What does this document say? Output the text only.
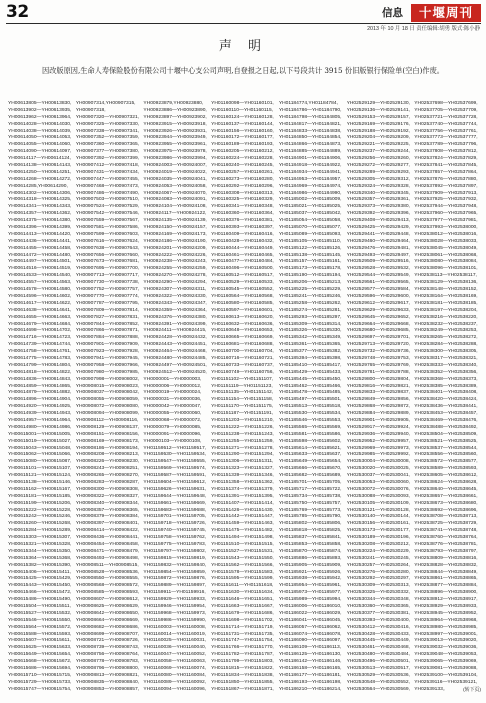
32	信息 十堰周刊
2013 年 10 月 18 日 责任编辑:胡勇 版式:陈小静
声 明
因改版原因,生命人寿保险股份有限公司十堰中心支公司声明,自登报之日起,以下号段共计 3915 份旧版银行保险单(空白)作废。
YH00613805—YH00613830,
YH00613902—YH00613935,
YH00613962—YH00613964,
YH00614028—YH00614030,
YH00614038—YH00614039,
YH00614050—YH00614053,
YH00614055—YH00614060,
YH00614090—YH00614097,
YH00614117—YH00614124,
YH00614138—YH00614143,
YH00614250—YH00614251,
YH00614268—YH00614272,
YH00614285,YH00614290,
YH00614302—YH00614306,
YH00614318—YH00614325,
YH00614341—YH00614343,
YH00614357—YH00614362,
YH00614375—YH00614380,
YH00614396—YH00614399,
YH00614413—YH00614420,
YH00614436—YH00614441,
YH00614455—YH00614458,
YH00614472—YH00614480,
YH00614497—YH00614501,
YH00614516—YH00614519,
YH00614533—YH00614540,
YH00614557—YH00614563,
YH00614578—YH00614580,
YH00614596—YH00614602,
YH00614617—YH00614622,
YH00614638—YH00614641,
YH00614655—YH00614663,
YH00614679—YH00614684,
YH00614698—YH00614702,
YH00614716—YH00614723,
YH00614739—YH00614744,
YH00614758—YH00614761,
YH00614775—YH00614783,
YH00614799—YH00614804,
YH00614818—YH00614822,
YH00614836—YH00614843,
YH00614859—YH00614865,
YH00614879—YH00614882,
YH00614896—YH00614904,
YH00614920—YH00614925,
YH00614939—YH00614943,
YH00614957—YH00614964,
YH00614980—YH00614986,
YH00615001—YH00615005,
YH00615019—YH00615027,
YH00615043—YH00615048,
YH00615062—YH00615066,
YH00615080—YH00615087,
YH00615101—YH00615107,
YH00615121—YH00615124,
YH00615138—YH00615146,
YH00615162—YH00615167,
YH00615181—YH00615185,
YH00615199—YH00615206,
YH00615222—YH00615228,
YH00615242—YH00615246,
YH00615260—YH00615268,
YH00615284—YH00615289,
YH00615303—YH00615307,
YH00615321—YH00615328,
YH00615344—YH00615350,
YH00615364—YH00615368,
YH00615382—YH00615390,
YH00615406—YH00615411,
YH00615425—YH00615429,
YH00615443—YH00615450,
YH00615466—YH00615472,
YH00615486—YH00615490,
YH00615504—YH00615511,
YH00615527—YH00615532,
YH00615546—YH00615550,
YH00615564—YH00615572,
YH00615588—YH00615593,
YH00615607—YH00615611,
YH00615625—YH00615633,
YH00615649—YH00615654,
YH00615668—YH00615672,
YH00615686—YH00615694,
YH00615710—YH00615715,
YH00615729—YH00615733,
YH00615747—YH00615754,
YH00907314,YH00907315,
YH00907318,
YH00907320—YH00907321,
YH00907325—YH00907330,
YH00907338—YH00907341,
YH00907352—YH00907359,
YH00907360—YH00907365,
YH00907377—YH00907380,
YH00907392—YH00907399,
YH00907412—YH00907418,
YH00907431—YH00907434,
YH00907447—YH00907455,
YH00907468—YH00907473,
YH00907486—YH00907490,
YH00907503—YH00907510,
YH00907524—YH00907529,
YH00907542—YH00907546,
YH00907559—YH00907567,
YH00907581—YH00907586,
YH00907599—YH00907603,
YH00907616—YH00907624,
YH00907638—YH00907643,
YH00907656—YH00907660,
YH00907673—YH00907681,
YH00907695—YH00907700,
YH00907713—YH00907717,
YH00907730—YH00907738,
YH00907752—YH00907757,
YH00907770—YH00907774,
YH00907787—YH00907795,
YH00907809—YH00907814,
YH00907827—YH00907831,
YH00907844—YH00907852,
YH00907866—YH00907871,
YH00907884—YH00907888,
YH00907901—YH00907909,
YH00907923—YH00907928,
YH00907941—YH00907945,
YH00907958—YH00907966,
YH00907980—YH00907985,
YH00907998—YH00908002,
YH00908015—YH00908023,
YH00908037—YH00908042,
YH00908055—YH00908059,
YH00908072—YH00908080,
YH00908094—YH00908099,
YH00908112—YH00908116,
YH00908129—YH00908137,
YH00908151—YH00908156,
YH00908169—YH00908173,
YH00908186—YH00908194,
YH00908208—YH00908213,
YH00908226—YH00908230,
YH00908243—YH00908251,
YH00908265—YH00908270,
YH00908283—YH00908287,
YH00908300—YH00908308,
YH00908322—YH00908327,
YH00908340—YH00908344,
YH00908357—YH00908365,
YH00908379—YH00908384,
YH00908397—YH00908401,
YH00908414—YH00908422,
YH00908436—YH00908441,
YH00908454—YH00908458,
YH00908471—YH00908479,
YH00908493—YH00908498,
YH00908511—YH00908515,
YH00908528—YH00908536,
YH00908550—YH00908555,
YH00908568—YH00908572,
YH00908585—YH00908593,
YH00908607—YH00908612,
YH00908625—YH00908629,
YH00908642—YH00908650,
YH00908664—YH00908669,
YH00908682—YH00908686,
YH00908699—YH00908707,
YH00908721—YH00908726,
YH00908739—YH00908743,
YH00908756—YH00908764,
YH00908778—YH00908783,
YH00908796—YH00908800,
YH00908813—YH00908821,
YH00908835—YH00908840,
YH00908853—YH00908857,
YH00923879,YH00923880,
YH00923886—YH00923890,
YH00923897—YH00923902,
YH00923915—YH00923918,
YH00923926—YH00923931,
YH00923944—YH00923949,
YH00923955—YH00923961,
YH00923975—YH00923978,
YH00923986—YH00923994,
YH00924003—YH00924007,
YH00924019—YH00924022,
YH00924035—YH00924041,
YH00924053—YH00924058,
YH00924067—YH00924070,
YH00924083—YH00924091,
YH00924104—YH00924108,
YH00924117—YH00924122,
YH00924135—YH00924139,
YH00924150—YH00924157,
YH00924169—YH00924173,
YH00924186—YH00924190,
YH00924201—YH00924209,
YH00924222—YH00924226,
YH00924238—YH00924243,
YH00924255—YH00924259,
YH00924270—YH00924278,
YH00924290—YH00924294,
YH00924307—YH00924311,
YH00924322—YH00924330,
YH00924343—YH00924347,
YH00924359—YH00924364,
YH00924376—YH00924380,
YH00924391—YH00924399,
YH00924411—YH00924415,
YH00924428—YH00924432,
YH00924443—YH00924451,
YH00924464—YH00924468,
YH00924480—YH00924485,
YH00924497—YH00924501,
YH00924512—YH00924520,
YH0000001—YH0000003,
YH0000006—YH0000012,
YH0000019—YH0000024,
YH0000031—YH0000036,
YH0000042—YH0000047,
YH0000055—YH0000060,
YH0000068—YH0000072,
YH0000079—YH0000085,
YH0000091—YH0000096,
YH0000103—YH0000108,
YH01159512—YH01159517,
YH01159530—YH01159534,
YH01159547—YH01159555,
YH01159569—YH01159574,
YH01159587—YH01159591,
YH01159604—YH01159612,
YH01159626—YH01159631,
YH01159644—YH01159648,
YH01159661—YH01159669,
YH01159683—YH01159688,
YH01159701—YH01159705,
YH01159718—YH01159726,
YH01159740—YH01159745,
YH01159758—YH01159762,
YH01159775—YH01159783,
YH01159797—YH01159802,
YH01159815—YH01159819,
YH01159832—YH01159840,
YH01159854—YH01159859,
YH01159872—YH01159876,
YH01159889—YH01159897,
YH01159911—YH01159916,
YH01159929—YH01159933,
YH01159946—YH01159954,
YH01159968—YH01159973,
YH01159986—YH01159990,
YH01160003—YH01160008,
YH01160014—YH01160019,
YH01160025—YH01160031,
YH01160036—YH01160040,
YH01160047—YH01160052,
YH01160058—YH01160063,
YH01160069—YH01160074,
YH01160080—YH01160084,
YH01160089—YH01160092,
YH01160094—YH01160096,
YH01160098—YH01160101,
YH01160110—YH01160115,
YH01160124—YH01160128,
YH01160137—YH01160144,
YH01160156—YH01160160,
YH01160172—YH01160177,
YH01160189—YH01160193,
YH01160205—YH01160212,
YH01160224—YH01160228,
YH01160240—YH01160245,
YH01160257—YH01160261,
YH01160273—YH01160280,
YH01160292—YH01160296,
YH01160308—YH01160313,
YH01160325—YH01160329,
YH01160341—YH01160348,
YH01160360—YH01160364,
YH01160376—YH01160381,
YH01160393—YH01160397,
YH01160409—YH01160416,
YH01160428—YH01160432,
YH01160444—YH01160449,
YH01160461—YH01160465,
YH01160477—YH01160484,
YH01160496—YH01160500,
YH01160512—YH01160517,
YH01160529—YH01160533,
YH01160545—YH01160552,
YH01160564—YH01160568,
YH01160580—YH01160585,
YH01160597—YH01160601,
YH01160613—YH01160620,
YH01160632—YH01160636,
YH01160648—YH01160653,
YH01160665—YH01160669,
YH01160681—YH01160688,
YH01160700—YH01160704,
YH01160716—YH01160721,
YH01160733—YH01160737,
YH01160749—YH01160756,
YH01151102—YH01151107,
YH01151119—YH01151123,
YH01151135—YH01151142,
YH01151154—YH01151158,
YH01151170—YH01151175,
YH01151187—YH01151191,
YH01151203—YH01151210,
YH01151222—YH01151226,
YH01151238—YH01151243,
YH01151255—YH01151259,
YH01151271—YH01151278,
YH01151290—YH01151294,
YH01151306—YH01151311,
YH01151323—YH01151327,
YH01151339—YH01151346,
YH01151358—YH01151362,
YH01151374—YH01151379,
YH01151391—YH01151395,
YH01151407—YH01151414,
YH01151426—YH01151430,
YH01151442—YH01151447,
YH01151459—YH01151463,
YH01151475—YH01151482,
YH01151494—YH01151498,
YH01151510—YH01151515,
YH01151527—YH01151531,
YH01151543—YH01151550,
YH01151562—YH01151566,
YH01151578—YH01151583,
YH01151595—YH01151599,
YH01151611—YH01151618,
YH01151630—YH01151634,
YH01151646—YH01151651,
YH01151663—YH01151667,
YH01151679—YH01151686,
YH01151698—YH01151702,
YH01151714—YH01151719,
YH01151731—YH01151735,
YH01151747—YH01151754,
YH01151766—YH01151770,
YH01151782—YH01151787,
YH01151799—YH01151803,
YH01151815—YH01151822,
YH01151834—YH01151838,
YH01151850—YH01151855,
YH01151867—YH01151871,
YH01184774,YH01184784,
YH01184786—YH01184790,
YH01184798—YH01184805,
YH01184817—YH01184821,
YH01184833—YH01184838,
YH01184850—YH01184854,
YH01184866—YH01184873,
YH01184885—YH01184889,
YH01184901—YH01184906,
YH01184918—YH01184922,
YH01184934—YH01184941,
YH01184953—YH01184957,
YH01184969—YH01184974,
YH01184986—YH01184990,
YH01185002—YH01185009,
YH01185021—YH01185025,
YH01185037—YH01185042,
YH01185054—YH01185058,
YH01185070—YH01185077,
YH01185089—YH01185093,
YH01185105—YH01185110,
YH01185122—YH01185126,
YH01185138—YH01185145,
YH01185157—YH01185161,
YH01185173—YH01185178,
YH01185190—YH01185194,
YH01185206—YH01185213,
YH01185225—YH01185229,
YH01185241—YH01185246,
YH01185258—YH01185262,
YH01185274—YH01185281,
YH01185293—YH01185297,
YH01185309—YH01185314,
YH01185326—YH01185330,
YH01185342—YH01185349,
YH01185361—YH01185365,
YH01185377—YH01185382,
YH01185394—YH01185398,
YH01185410—YH01185417,
YH01185429—YH01185433,
YH01185445—YH01185450,
YH01185462—YH01185466,
YH01185478—YH01185485,
YH01185497—YH01185501,
YH01185513—YH01185518,
YH01185530—YH01185534,
YH01185546—YH01185553,
YH01185565—YH01185569,
YH01185581—YH01185586,
YH01185598—YH01185602,
YH01185614—YH01185621,
YH01185633—YH01185637,
YH01185649—YH01185654,
YH01185666—YH01185670,
YH01185682—YH01185689,
YH01185701—YH01185705,
YH01185717—YH01185722,
YH01185734—YH01185738,
YH01185750—YH01185757,
YH01185769—YH01185773,
YH01185785—YH01185790,
YH01185802—YH01185806,
YH01185818—YH01185825,
YH01185837—YH01185841,
YH01185853—YH01185858,
YH01185870—YH01185874,
YH01185886—YH01185893,
YH01185905—YH01185909,
YH01185921—YH01185926,
YH01185938—YH01185942,
YH01185954—YH01185961,
YH01185973—YH01185977,
YH01185989—YH01185994,
YH01186006—YH01186010,
YH01186022—YH01186029,
YH01186041—YH01186045,
YH01186057—YH01186062,
YH01186074—YH01186078,
YH01186090—YH01186097,
YH01186109—YH01186113,
YH01186125—YH01186130,
YH01186142—YH01186146,
YH01186158—YH01186165,
YH01186177—YH01186181,
YH01186193—YH01186198,
YH01186210—YH01186214,
YH02529129—YH02529130,
YH02529136—YH02529141,
YH02529153—YH02529157,
YH02529169—YH02529176,
YH02529188—YH02529192,
YH02529204—YH02529209,
YH02529221—YH02529225,
YH02529237—YH02529244,
YH02529256—YH02529260,
YH02529272—YH02529277,
YH02529289—YH02529293,
YH02529305—YH02529312,
YH02529324—YH02529328,
YH02529340—YH02529345,
YH02529357—YH02529361,
YH02529373—YH02529380,
YH02529392—YH02529396,
YH02529408—YH02529413,
YH02529425—YH02529429,
YH02529441—YH02529448,
YH02529460—YH02529464,
YH02529476—YH02529481,
YH02529493—YH02529497,
YH02529509—YH02529516,
YH02529528—YH02529532,
YH02529544—YH02529549,
YH02529561—YH02529565,
YH02529577—YH02529584,
YH02529596—YH02529600,
YH02529612—YH02529617,
YH02529629—YH02529633,
YH02529645—YH02529652,
YH02529664—YH02529668,
YH02529680—YH02529685,
YH02529697—YH02529701,
YH02529713—YH02529720,
YH02529732—YH02529736,
YH02529748—YH02529753,
YH02529765—YH02529769,
YH02529781—YH02529788,
YH02529800—YH02529804,
YH02529816—YH02529821,
YH02529833—YH02529837,
YH02529849—YH02529856,
YH02529868—YH02529872,
YH02529884—YH02529889,
YH02529901—YH02529905,
YH02529917—YH02529924,
YH02529936—YH02529940,
YH02529952—YH02529957,
YH02529969—YH02529973,
YH02529985—YH02529992,
YH02530004—YH02530008,
YH02530020—YH02530025,
YH02530037—YH02530041,
YH02530053—YH02530060,
YH02530072—YH02530076,
YH02530088—YH02530093,
YH02530105—YH02530109,
YH02530121—YH02530128,
YH02530140—YH02530144,
YH02530156—YH02530161,
YH02530173—YH02530177,
YH02530189—YH02530196,
YH02530208—YH02530212,
YH02530224—YH02530229,
YH02530241—YH02530245,
YH02530257—YH02530264,
YH02530276—YH02530280,
YH02530292—YH02530297,
YH02530309—YH02530313,
YH02530325—YH02530332,
YH02530344—YH02530348,
YH02530360—YH02530365,
YH02530377—YH02530381,
YH02530393—YH02530400,
YH02530412—YH02530416,
YH02530428—YH02530433,
YH02530445—YH02530449,
YH02530461—YH02530468,
YH02530480—YH02530484,
YH02530496—YH02530501,
YH02530513—YH02530517,
YH02530529—YH02530536,
YH02530548—YH02530552,
YH02530564—YH02530569,
YH02537698—YH02537699,
YH02537705—YH02537709,
YH02537721—YH02537728,
YH02537740—YH02537744,
YH02537756—YH02537761,
YH02537773—YH02537777,
YH02537789—YH02537796,
YH02537808—YH02537812,
YH02537824—YH02537829,
YH02537841—YH02537845,
YH02537857—YH02537864,
YH02537876—YH02537880,
YH02537892—YH02537897,
YH02537909—YH02537913,
YH02537925—YH02537932,
YH02537944—YH02537948,
YH02537960—YH02537965,
YH02537977—YH02537981,
YH02537993—YH02538000,
YH02538012—YH02538016,
YH02538028—YH02538033,
YH02538045—YH02538049,
YH02538061—YH02538068,
YH02538080—YH02538084,
YH02538096—YH02538101,
YH02538113—YH02538117,
YH02538129—YH02538136,
YH02538148—YH02538152,
YH02538164—YH02538169,
YH02538181—YH02538185,
YH02538197—YH02538204,
YH02538216—YH02538220,
YH02538232—YH02538237,
YH02538249—YH02538253,
YH02538265—YH02538272,
YH02538284—YH02538288,
YH02538300—YH02538305,
YH02538317—YH02538321,
YH02538333—YH02538340,
YH02538352—YH02538356,
YH02538368—YH02538373,
YH02538385—YH02538389,
YH02538401—YH02538408,
YH02538420—YH02538424,
YH02538436—YH02538441,
YH02538453—YH02538457,
YH02538469—YH02538476,
YH02538488—YH02538492,
YH02538504—YH02538509,
YH02538521—YH02538525,
YH02538537—YH02538544,
YH02538556—YH02538560,
YH02538572—YH02538577,
YH02538589—YH02538593,
YH02538605—YH02538612,
YH02538624—YH02538628,
YH02538640—YH02538645,
YH02538657—YH02538661,
YH02538673—YH02538680,
YH02538692—YH02538696,
YH02538708—YH02538713,
YH02538725—YH02538729,
YH02538741—YH02538748,
YH02538760—YH02538764,
YH02538776—YH02538781,
YH02538793—YH02538797,
YH02538809—YH02538816,
YH02538828—YH02538832,
YH02538844—YH02538849,
YH02538861—YH02538865,
YH02538877—YH02538884,
YH02538896—YH02538900,
YH02538912—YH02538917,
YH02538929—YH02538933,
YH02538945—YH02538952,
YH02538964—YH02538968,
YH02538980—YH02538985,
YH02538997—YH02539001,
YH02539013—YH02539020,
YH02539032—YH02539036,
YH02539048—YH02539053,
YH02539065—YH02539069,
YH02539081—YH02539088,
YH02539100—YH02539104,
YH02539116—YH02539121,
YH02539133。	(转下页)
